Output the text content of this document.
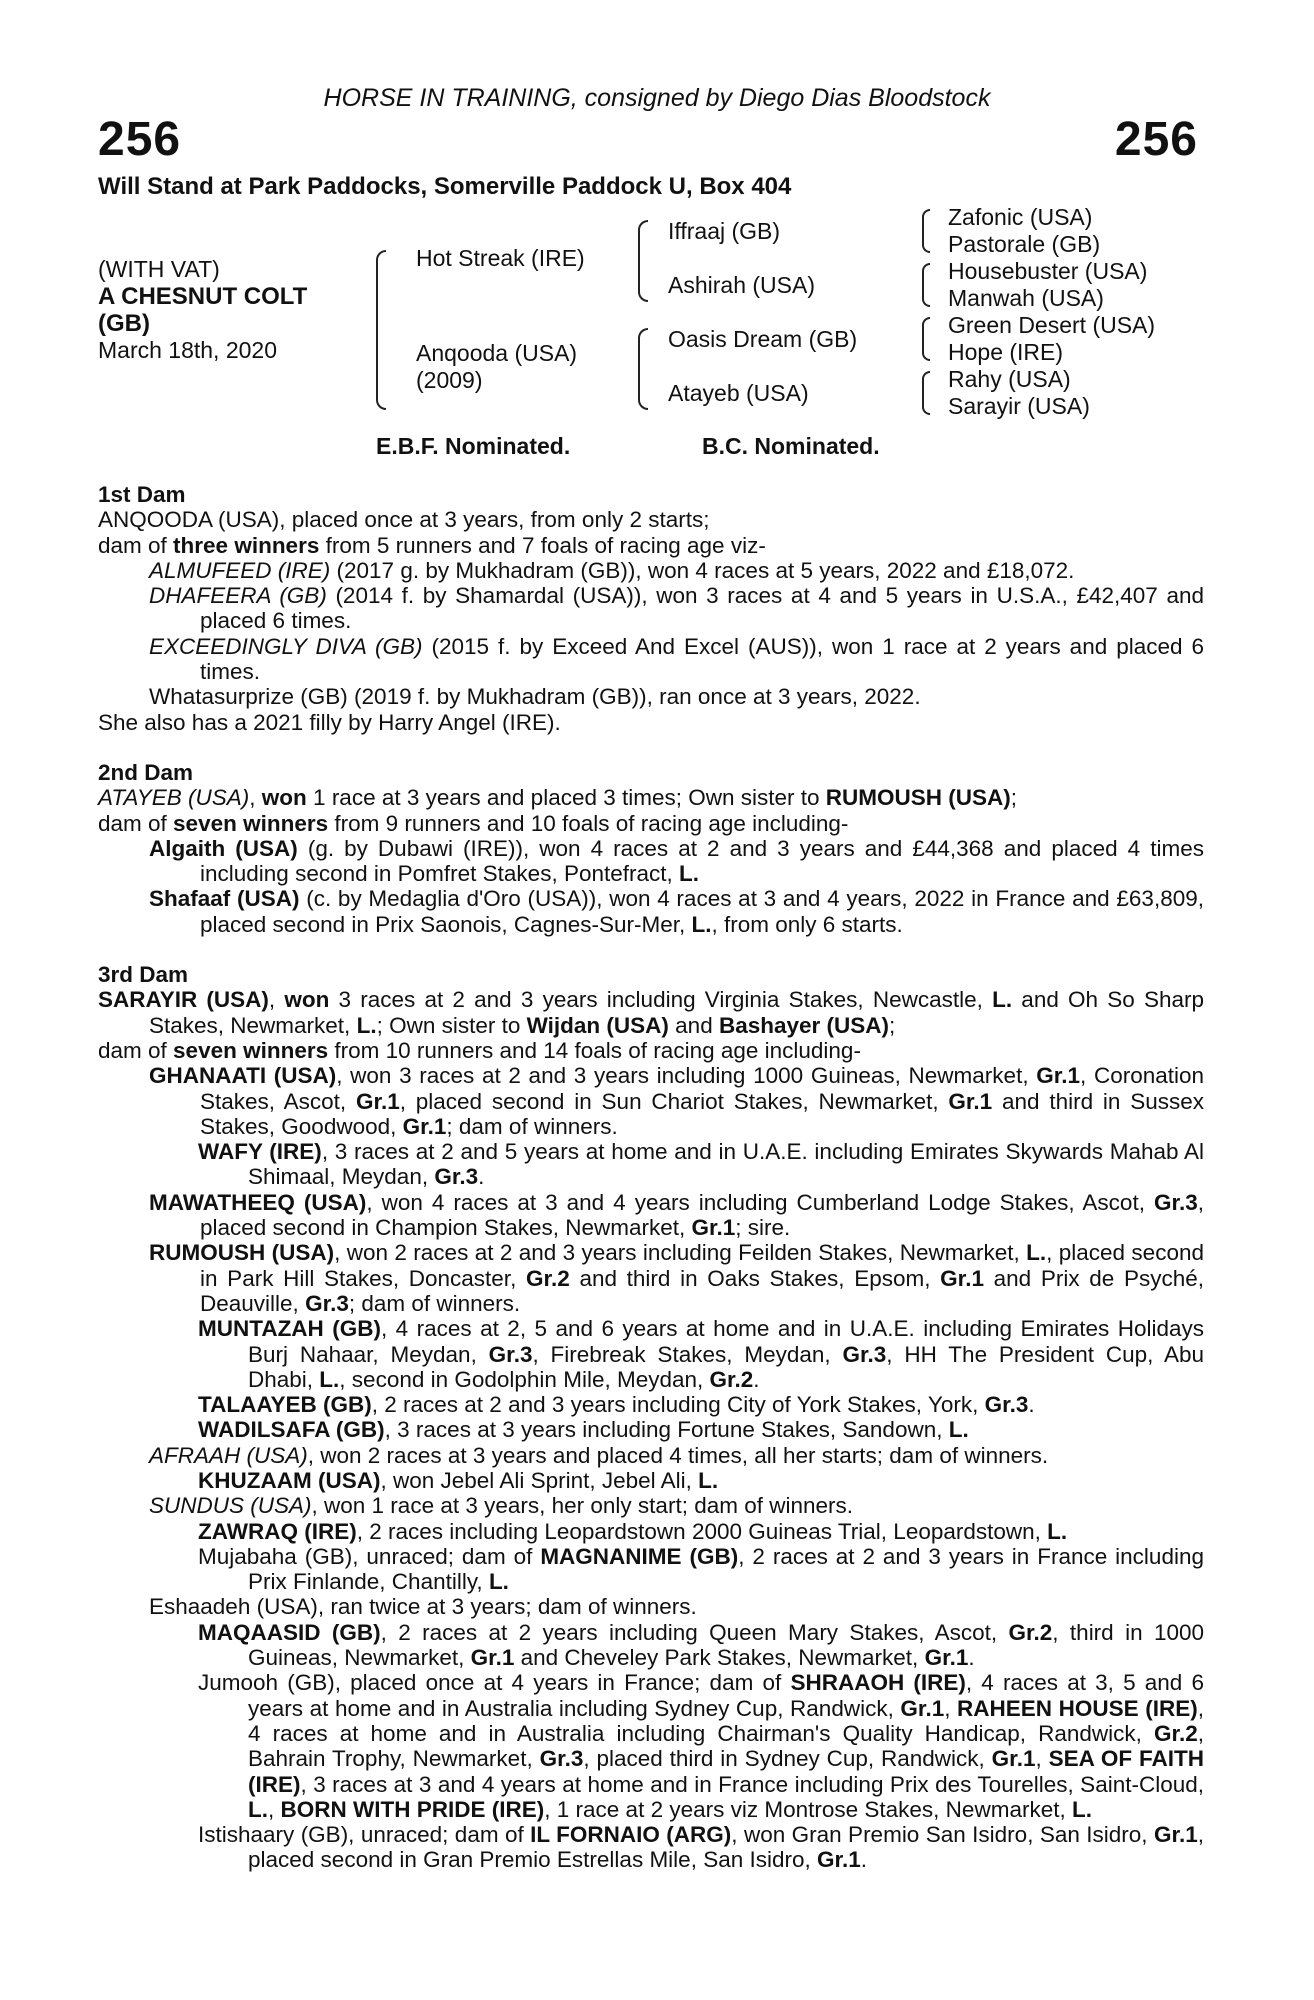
HORSE IN TRAINING, consigned by Diego Dias Bloodstock
256	256
Will Stand at Park Paddocks, Somerville Paddock U, Box 404
(WITH VAT)
A CHESNUT COLT
(GB)
March 18th, 2020
Hot Streak (IRE)
Anqooda (USA)
(2009)
Iffraaj (GB)
Ashirah (USA)
Oasis Dream (GB)
Atayeb (USA)
Zafonic (USA)
Pastorale (GB)
Housebuster (USA)
Manwah (USA)
Green Desert (USA)
Hope (IRE)
Rahy (USA)
Sarayir (USA)
E.B.F. Nominated.	B.C. Nominated.
1st Dam

ANQOODA (USA), placed once at 3 years, from only 2 starts;

dam of three winners from 5 runners and 7 foals of racing age viz-

ALMUFEED (IRE) (2017 g. by Mukhadram (GB)), won 4 races at 5 years, 2022 and £18,072.

DHAFEERA (GB) (2014 f. by Shamardal (USA)), won 3 races at 4 and 5 years in U.S.A., £42,407 and placed 6 times.

EXCEEDINGLY DIVA (GB) (2015 f. by Exceed And Excel (AUS)), won 1 race at 2 years and placed 6 times.

Whatasurprize (GB) (2019 f. by Mukhadram (GB)), ran once at 3 years, 2022.

She also has a 2021 filly by Harry Angel (IRE).

2nd Dam

ATAYEB (USA), won 1 race at 3 years and placed 3 times; Own sister to RUMOUSH (USA);

dam of seven winners from 9 runners and 10 foals of racing age including-

Algaith (USA) (g. by Dubawi (IRE)), won 4 races at 2 and 3 years and £44,368 and placed 4 times including second in Pomfret Stakes, Pontefract, L.

Shafaaf (USA) (c. by Medaglia d'Oro (USA)), won 4 races at 3 and 4 years, 2022 in France and £63,809, placed second in Prix Saonois, Cagnes-Sur-Mer, L., from only 6 starts.

3rd Dam

SARAYIR (USA), won 3 races at 2 and 3 years including Virginia Stakes, Newcastle, L. and Oh So Sharp Stakes, Newmarket, L.; Own sister to Wijdan (USA) and Bashayer (USA);

dam of seven winners from 10 runners and 14 foals of racing age including-

GHANAATI (USA), won 3 races at 2 and 3 years including 1000 Guineas, Newmarket, Gr.1, Coronation Stakes, Ascot, Gr.1, placed second in Sun Chariot Stakes, Newmarket, Gr.1 and third in Sussex Stakes, Goodwood, Gr.1; dam of winners.

WAFY (IRE), 3 races at 2 and 5 years at home and in U.A.E. including Emirates Skywards Mahab Al Shimaal, Meydan, Gr.3.

MAWATHEEQ (USA), won 4 races at 3 and 4 years including Cumberland Lodge Stakes, Ascot, Gr.3, placed second in Champion Stakes, Newmarket, Gr.1; sire.

RUMOUSH (USA), won 2 races at 2 and 3 years including Feilden Stakes, Newmarket, L., placed second in Park Hill Stakes, Doncaster, Gr.2 and third in Oaks Stakes, Epsom, Gr.1 and Prix de Psyché, Deauville, Gr.3; dam of winners.

MUNTAZAH (GB), 4 races at 2, 5 and 6 years at home and in U.A.E. including Emirates Holidays Burj Nahaar, Meydan, Gr.3, Firebreak Stakes, Meydan, Gr.3, HH The President Cup, Abu Dhabi, L., second in Godolphin Mile, Meydan, Gr.2.

TALAAYEB (GB), 2 races at 2 and 3 years including City of York Stakes, York, Gr.3.

WADILSAFA (GB), 3 races at 3 years including Fortune Stakes, Sandown, L.

AFRAAH (USA), won 2 races at 3 years and placed 4 times, all her starts; dam of winners.

KHUZAAM (USA), won Jebel Ali Sprint, Jebel Ali, L.

SUNDUS (USA), won 1 race at 3 years, her only start; dam of winners.

ZAWRAQ (IRE), 2 races including Leopardstown 2000 Guineas Trial, Leopardstown, L.

Mujabaha (GB), unraced; dam of MAGNANIME (GB), 2 races at 2 and 3 years in France including Prix Finlande, Chantilly, L.

Eshaadeh (USA), ran twice at 3 years; dam of winners.

MAQAASID (GB), 2 races at 2 years including Queen Mary Stakes, Ascot, Gr.2, third in 1000 Guineas, Newmarket, Gr.1 and Cheveley Park Stakes, Newmarket, Gr.1.

Jumooh (GB), placed once at 4 years in France; dam of SHRAAOH (IRE), 4 races at 3, 5 and 6 years at home and in Australia including Sydney Cup, Randwick, Gr.1, RAHEEN HOUSE (IRE), 4 races at home and in Australia including Chairman's Quality Handicap, Randwick, Gr.2, Bahrain Trophy, Newmarket, Gr.3, placed third in Sydney Cup, Randwick, Gr.1, SEA OF FAITH (IRE), 3 races at 3 and 4 years at home and in France including Prix des Tourelles, Saint-Cloud, L., BORN WITH PRIDE (IRE), 1 race at 2 years viz Montrose Stakes, Newmarket, L.

Istishaary (GB), unraced; dam of IL FORNAIO (ARG), won Gran Premio San Isidro, San Isidro, Gr.1, placed second in Gran Premio Estrellas Mile, San Isidro, Gr.1.
